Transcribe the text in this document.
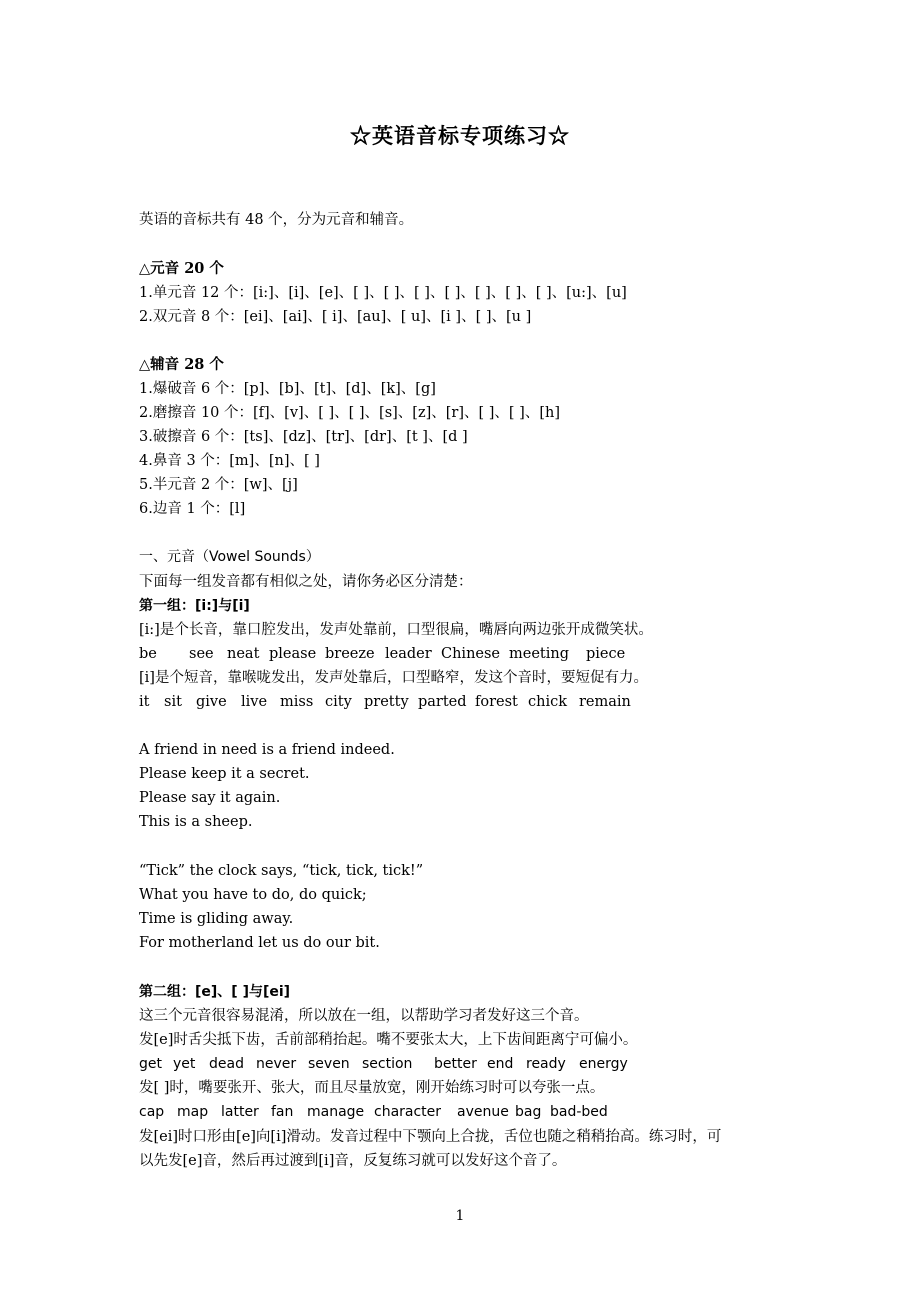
☆英语音标专项练习☆
英语的音标共有 48 个，分为元音和辅音。
△元音 20 个
1.单元音 12 个：[i:]、[i]、[e]、[ ]、[ ]、[ ]、[ ]、[ ]、[ ]、[ ]、[u:]、[u]
2.双元音 8 个：[ei]、[ai]、[ i]、[au]、[ u]、[i ]、[ ]、[u ]
△辅音 28 个
1.爆破音 6 个：[p]、[b]、[t]、[d]、[k]、[g]
2.磨擦音 10 个：[f]、[v]、[ ]、[ ]、[s]、[z]、[r]、[ ]、[ ]、[h]
3.破擦音 6 个：[ts]、[dz]、[tr]、[dr]、[t ]、[d ]
4.鼻音 3 个：[m]、[n]、[ ]
5.半元音 2 个：[w]、[j]
6.边音 1 个：[l]
一、元音（Vowel Sounds）
下面每一组发音都有相似之处，请你务必区分清楚：
第一组：[i:]与[i]
[i:]是个长音，靠口腔发出，发声处靠前，口型很扁，嘴唇向两边张开成微笑状。
be see neat please breeze leader Chinese meeting piece
[i]是个短音，靠喉咙发出，发声处靠后，口型略窄，发这个音时，要短促有力。
it sit give live miss city pretty parted forest chick remain
A friend in need is a friend indeed.
Please keep it a secret.
Please say it again.
This is a sheep.
“Tick” the clock says, “tick, tick, tick!”
What you have to do, do quick;
Time is gliding away.
For motherland let us do our bit.
第二组：[e]、[ ]与[ei]
这三个元音很容易混淆，所以放在一组，以帮助学习者发好这三个音。
发[e]时舌尖抵下齿，舌前部稍抬起。嘴不要张太大，上下齿间距离宁可偏小。
get yet dead never seven section better end ready energy
发[ ]时，嘴要张开、张大，而且尽量放宽，刚开始练习时可以夸张一点。
cap map latter fan manage character avenue bag bad-bed
发[ei]时口形由[e]向[i]滑动。发音过程中下颚向上合拢，舌位也随之稍稍抬高。练习时，可
以先发[e]音，然后再过渡到[i]音，反复练习就可以发好这个音了。
1
